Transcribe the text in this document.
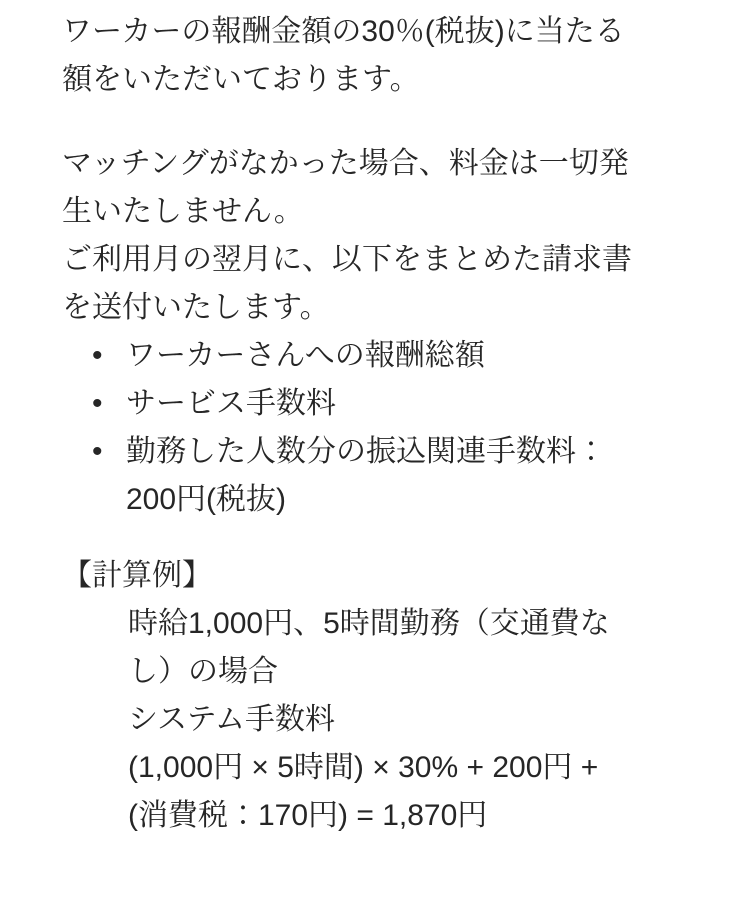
ワーカーの報酬金額の30％(税抜)に当たる
額をいただいております。
マッチングがなかった場合、料金は一切発
生いたしません。
ご利用月の翌月に、以下をまとめた請求書
を送付いたします。
• ワーカーさんへの報酬総額
• サービス手数料
• 勤務した人数分の振込関連手数料：
200円(税抜)
【計算例】
時給1,000円、5時間勤務（交通費な
し）の場合
システム手数料
(1,000円 × 5時間) × 30% + 200円 +
(消費税：170円) = 1,870円
